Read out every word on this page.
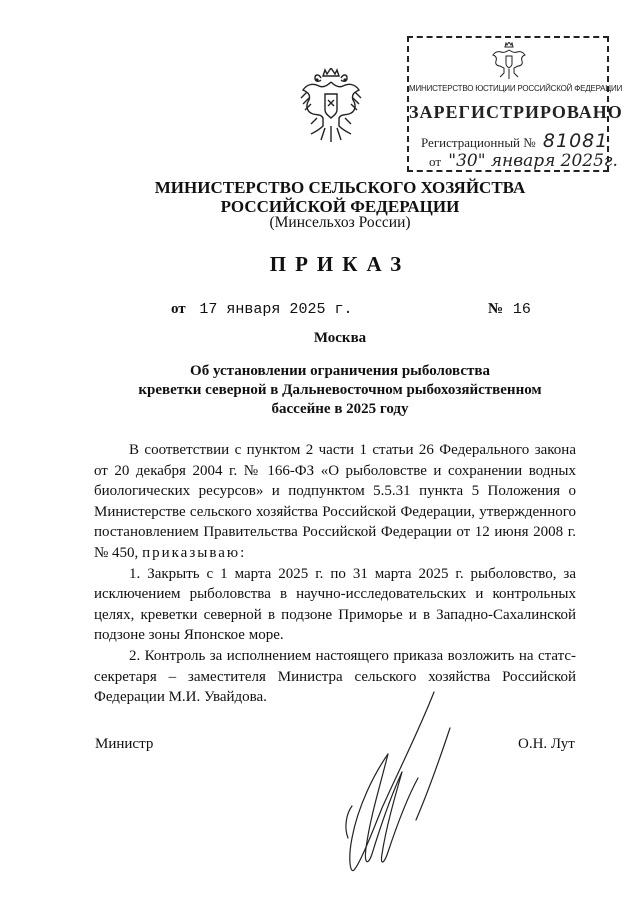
МИНИСТЕРСТВО ЮСТИЦИИ РОССИЙСКОЙ ФЕДЕРАЦИИ
ЗАРЕГИСТРИРОВАНО
Регистрационный № 81081
от "30" января 2025г.
МИНИСТЕРСТВО СЕЛЬСКОГО ХОЗЯЙСТВА
РОССИЙСКОЙ ФЕДЕРАЦИИ
(Минсельхоз России)
ПРИКАЗ
от 17 января 2025 г.	№ 16
Москва
Об установлении ограничения рыболовства
креветки северной в Дальневосточном рыбохозяйственном
бассейне в 2025 году

В соответствии с пунктом 2 части 1 статьи 26 Федерального закона от 20 декабря 2004 г. № 166-ФЗ «О рыболовстве и сохранении водных биологических ресурсов» и подпунктом 5.5.31 пункта 5 Положения о Министерстве сельского хозяйства Российской Федерации, утвержденного постановлением Правительства Российской Федерации от 12 июня 2008 г. № 450, приказываю:

1. Закрыть с 1 марта 2025 г. по 31 марта 2025 г. рыболовство, за исключением рыболовства в научно-исследовательских и контрольных целях, креветки северной в подзоне Приморье и в Западно-Сахалинской подзоне зоны Японское море.

2. Контроль за исполнением настоящего приказа возложить на статс-секретаря – заместителя Министра сельского хозяйства Российской Федерации М.И. Увайдова.

Министр	О.Н. Лут
